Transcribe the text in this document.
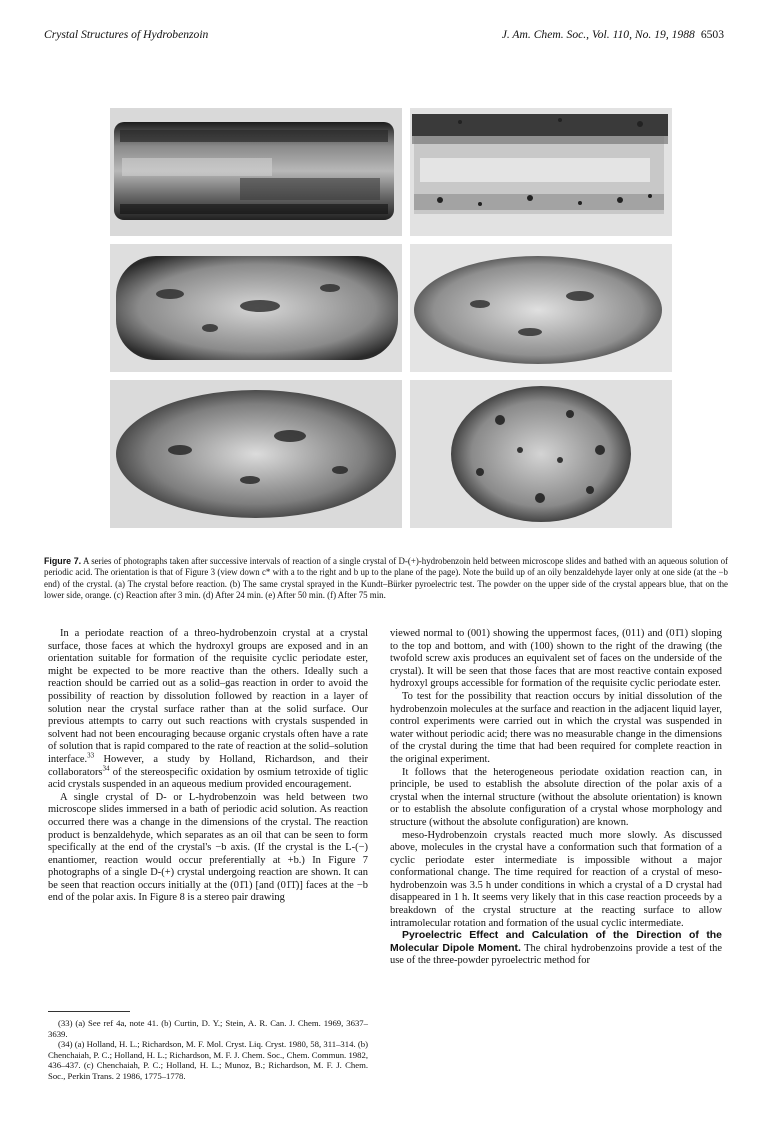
Crystal Structures of Hydrobenzoin	J. Am. Chem. Soc., Vol. 110, No. 19, 1988 6503
Figure 7. A series of photographs taken after successive intervals of reaction of a single crystal of D-(+)-hydrobenzoin held between microscope slides and bathed with an aqueous solution of periodic acid. The orientation is that of Figure 3 (view down c* with a to the right and b up to the plane of the page). Note the build up of an oily benzaldehyde layer only at one side (at the −b end) of the crystal. (a) The crystal before reaction. (b) The same crystal sprayed in the Kundt–Bürker pyroelectric test. The powder on the upper side of the crystal appears blue, that on the lower side, orange. (c) Reaction after 3 min. (d) After 24 min. (e) After 50 min. (f) After 75 min.

In a periodate reaction of a threo-hydrobenzoin crystal at a crystal surface, those faces at which the hydroxyl groups are exposed and in an orientation suitable for formation of the requisite cyclic periodate ester, might be expected to be more reactive than the others. Ideally such a reaction should be carried out as a solid–gas reaction in order to avoid the possibility of reaction by dissolution followed by reaction in a layer of solution near the crystal surface rather than at the solid surface. Our previous attempts to carry out such reactions with crystals suspended in solvent had not been encouraging because organic crystals often have a rate of solution that is rapid compared to the rate of reaction at the solid–solution interface.$^{33}$ However, a study by Holland, Richardson, and their collaborators$^{34}$ of the stereospecific oxidation by osmium tetroxide of tiglic acid crystals suspended in an aqueous medium provided encouragement.

A single crystal of D- or L-hydrobenzoin was held between two microscope slides immersed in a bath of periodic acid solution. As reaction occurred there was a change in the dimensions of the crystal. The reaction product is benzaldehyde, which separates as an oil that can be seen to form specifically at the end of the crystal's −b axis. (If the crystal is the L-(−) enantiomer, reaction would occur preferentially at +b.) In Figure 7 photographs of a single D-(+) crystal undergoing reaction are shown. It can be seen that reaction occurs initially at the (01̄1) [and (01̄1̄)] faces at the −b end of the polar axis. In Figure 8 is a stereo pair drawing

(33) (a) See ref 4a, note 41. (b) Curtin, D. Y.; Stein, A. R. Can. J. Chem. 1969, 3637–3639.

(34) (a) Holland, H. L.; Richardson, M. F. Mol. Cryst. Liq. Cryst. 1980, 58, 311–314. (b) Chenchaiah, P. C.; Holland, H. L.; Richardson, M. F. J. Chem. Soc., Chem. Commun. 1982, 436–437. (c) Chenchaiah, P. C.; Holland, H. L.; Munoz, B.; Richardson, M. F. J. Chem. Soc., Perkin Trans. 2 1986, 1775–1778.

viewed normal to (001) showing the uppermost faces, (011) and (01̄1) sloping to the top and bottom, and with (100) shown to the right of the drawing (the twofold screw axis produces an equivalent set of faces on the underside of the crystal). It will be seen that those faces that are most reactive contain exposed hydroxyl groups accessible for formation of the requisite cyclic periodate ester.

To test for the possibility that reaction occurs by initial dissolution of the hydrobenzoin molecules at the surface and reaction in the adjacent liquid layer, control experiments were carried out in which the crystal was suspended in water without periodic acid; there was no measurable change in the dimensions of the crystal during the time that had been required for complete reaction in the original experiment.

It follows that the heterogeneous periodate oxidation reaction can, in principle, be used to establish the absolute direction of the polar axis of a crystal when the internal structure (without the absolute orientation) is known or to establish the absolute configuration of a crystal whose morphology and structure (without the absolute configuration) are known.

meso-Hydrobenzoin crystals reacted much more slowly. As discussed above, molecules in the crystal have a conformation such that formation of a cyclic periodate ester intermediate is impossible without a major conformational change. The time required for reaction of a crystal of meso-hydrobenzoin was 3.5 h under conditions in which a crystal of a D crystal had disappeared in 1 h. It seems very likely that in this case reaction proceeds by a breakdown of the crystal structure at the reacting surface to allow intramolecular rotation and formation of the usual cyclic intermediate.

Pyroelectric Effect and Calculation of the Direction of the Molecular Dipole Moment. The chiral hydrobenzoins provide a test of the use of the three-powder pyroelectric method for
